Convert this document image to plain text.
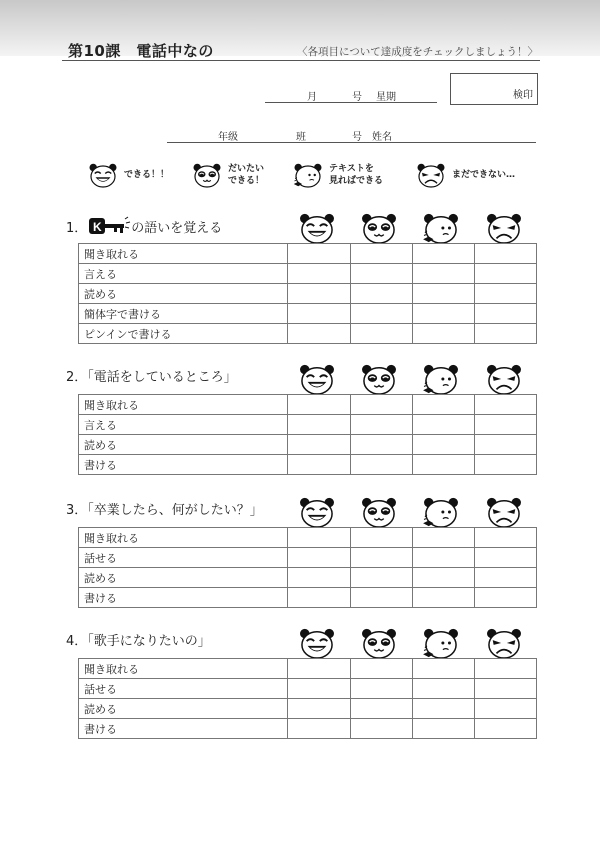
第10課　電話中なの	〈各項目について達成度をチェックしましょう！〉
月	号 星期	検印
年级	班	号 姓名
できる！！
だいたい
できる！
テキストを
見ればできる
まだできない…
1． K の語いを覚える
聞き取れる				
言える				
読める				
簡体字で書ける				
ピンインで書ける				
2．「電話をしているところ」
聞き取れる				
言える				
読める				
書ける				
3．「卒業したら、何がしたい？」
聞き取れる				
話せる				
読める				
書ける				
4．「歌手になりたいの」
聞き取れる				
話せる				
読める				
書ける				
